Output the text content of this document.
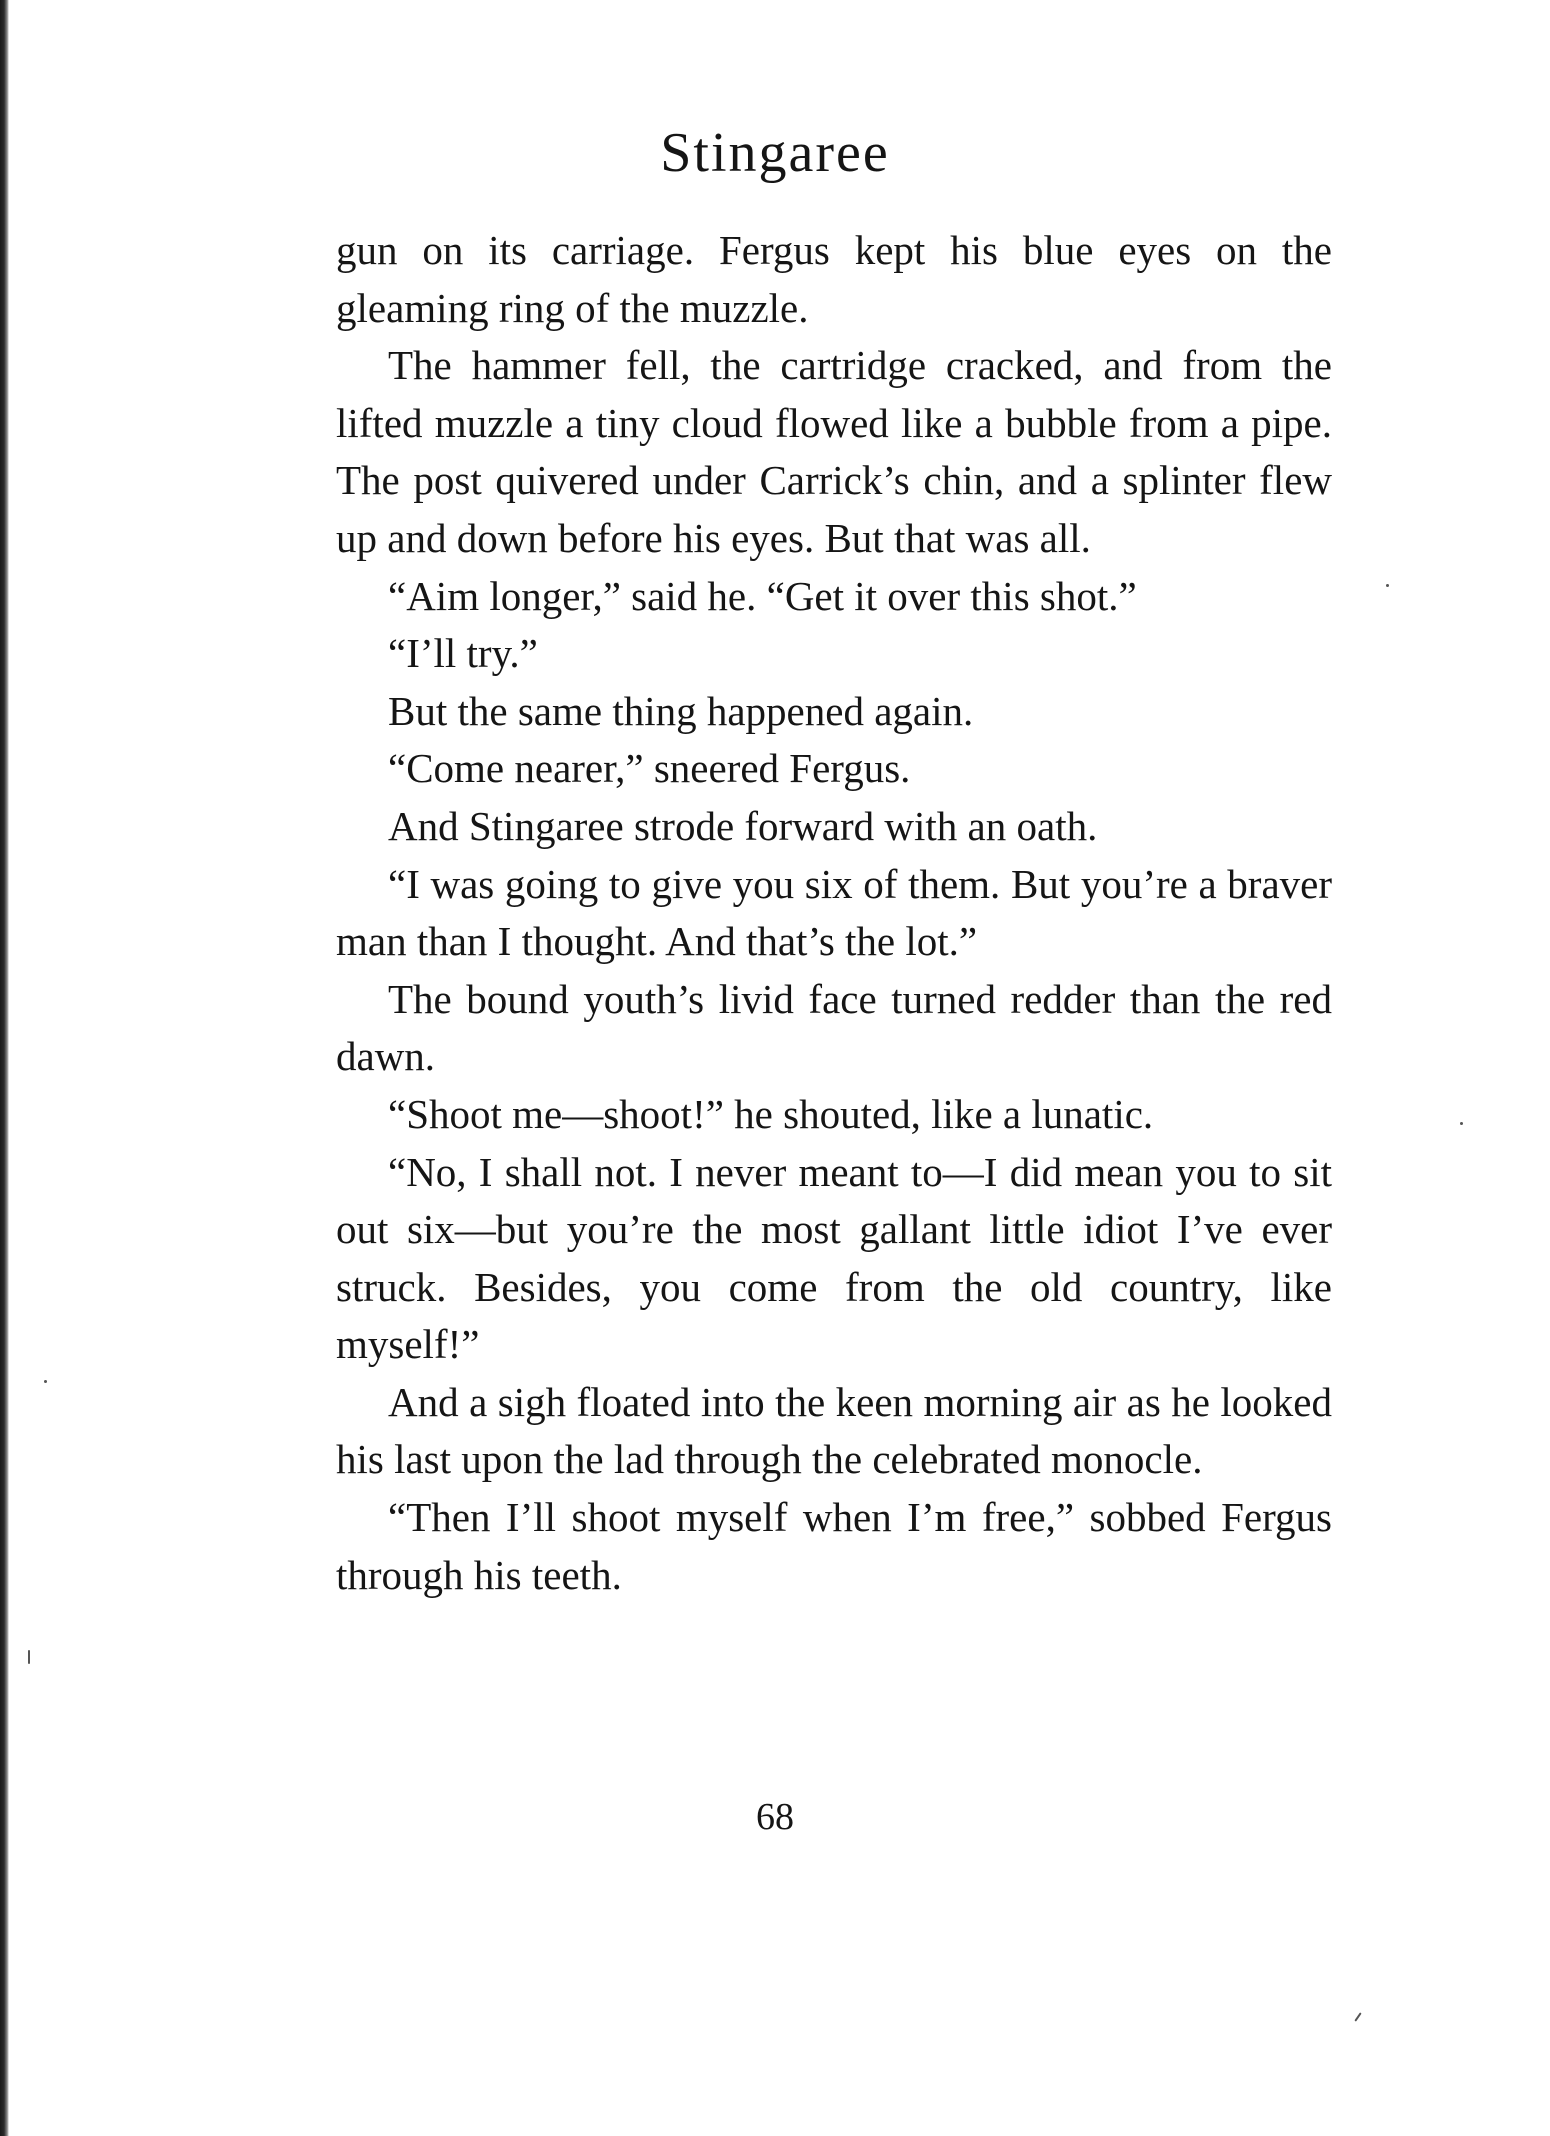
Stingaree

gun on its carriage. Fergus kept his blue eyes on the gleaming ring of the muzzle.

The hammer fell, the cartridge cracked, and from the lifted muzzle a tiny cloud flowed like a bubble from a pipe. The post quivered under Carrick’s chin, and a splinter flew up and down before his eyes. But that was all.

“Aim longer,” said he. “Get it over this shot.”

“I’ll try.”

But the same thing happened again.

“Come nearer,” sneered Fergus.

And Stingaree strode forward with an oath.

“I was going to give you six of them. But you’re a braver man than I thought. And that’s the lot.”

The bound youth’s livid face turned redder than the red dawn.

“Shoot me—shoot!” he shouted, like a lunatic.

“No, I shall not. I never meant to—I did mean you to sit out six—but you’re the most gallant little idiot I’ve ever struck. Besides, you come from the old country, like myself!”

And a sigh floated into the keen morning air as he looked his last upon the lad through the celebrated monocle.

“Then I’ll shoot myself when I’m free,” sobbed Fergus through his teeth.

68
